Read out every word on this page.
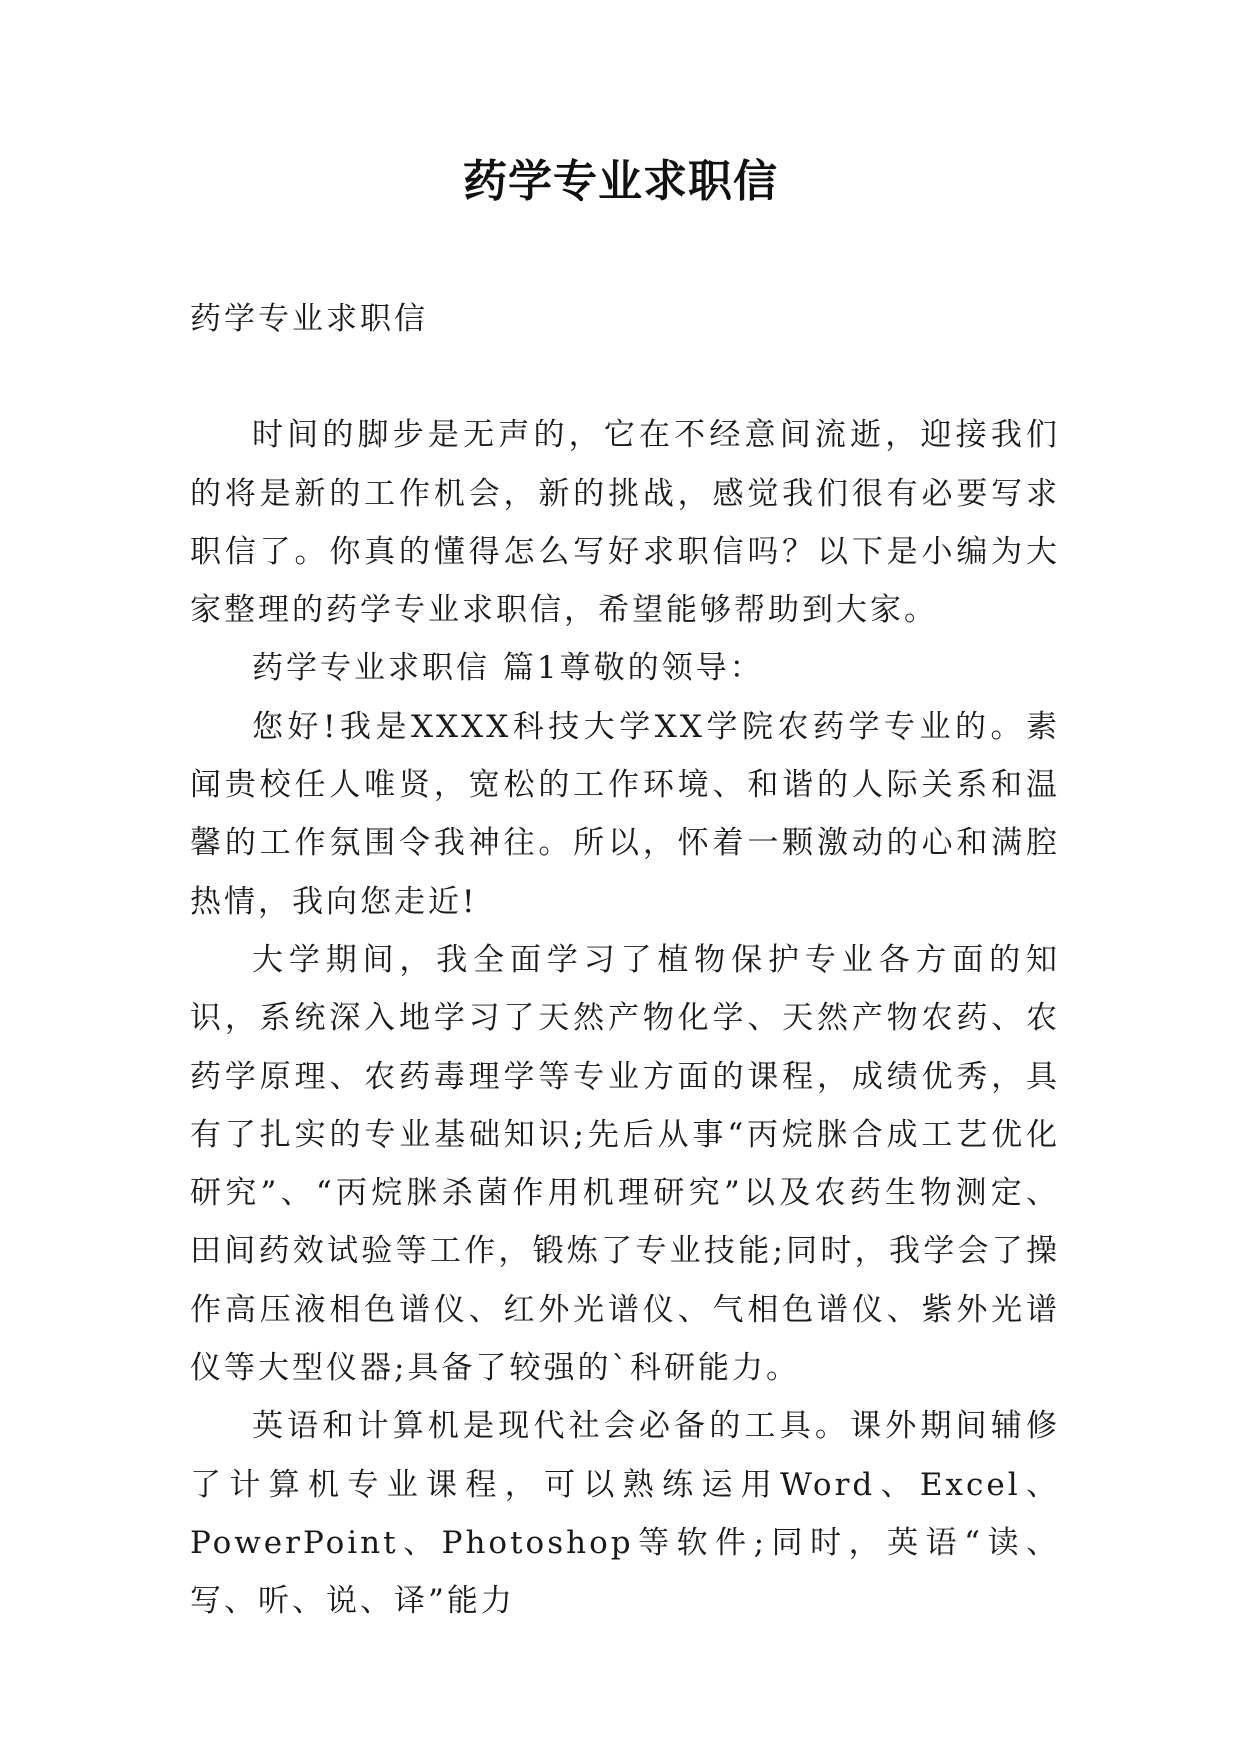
药学专业求职信

药学专业求职信

时间的脚步是无声的，它在不经意间流逝，迎接我们的将是新的工作机会，新的挑战，感觉我们很有必要写求职信了。你真的懂得怎么写好求职信吗？以下是小编为大家整理的药学专业求职信，希望能够帮助到大家。

药学专业求职信 篇1尊敬的领导：

您好!我是XXXX科技大学XX学院农药学专业的。素闻贵校任人唯贤，宽松的工作环境、和谐的人际关系和温馨的工作氛围令我神往。所以，怀着一颗激动的心和满腔热情，我向您走近!

大学期间，我全面学习了植物保护专业各方面的知识，系统深入地学习了天然产物化学、天然产物农药、农药学原理、农药毒理学等专业方面的课程，成绩优秀，具有了扎实的专业基础知识;先后从事“丙烷脒合成工艺优化研究”、“丙烷脒杀菌作用机理研究”以及农药生物测定、田间药效试验等工作，锻炼了专业技能;同时，我学会了操作高压液相色谱仪、红外光谱仪、气相色谱仪、紫外光谱仪等大型仪器;具备了较强的`科研能力。

英语和计算机是现代社会必备的工具。课外期间辅修了计算机专业课程，可以熟练运用Word、Excel、PowerPoint、Photoshop等软件;同时，英语“读、写、听、说、译”能力
